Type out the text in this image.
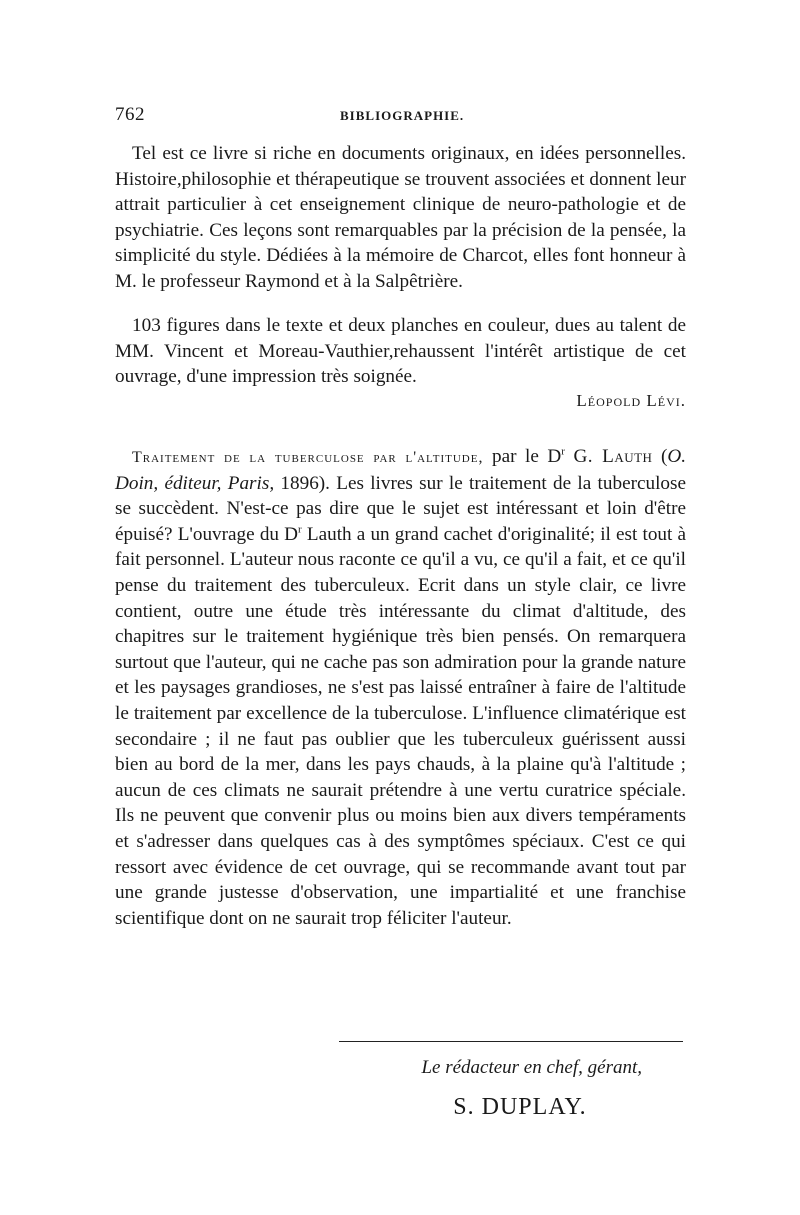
762	BIBLIOGRAPHIE.

Tel est ce livre si riche en documents originaux, en idées personnelles. Histoire,philosophie et thérapeutique se trouvent associées et donnent leur attrait particulier à cet enseignement clinique de neuro-pathologie et de psychiatrie. Ces leçons sont remarquables par la précision de la pensée, la simplicité du style. Dédiées à la mémoire de Charcot, elles font honneur à M. le professeur Raymond et à la Salpêtrière.

103 figures dans le texte et deux planches en couleur, dues au talent de MM. Vincent et Moreau-Vauthier,rehaussent l'intérêt artistique de cet ouvrage, d'une impression très soignée.

Léopold Lévi.

Traitement de la tuberculose par l'altitude, par le $D^r$ G. Lauth (O. Doin, éditeur, Paris, 1896). Les livres sur le traitement de la tuberculose se succèdent. N'est-ce pas dire que le sujet est intéressant et loin d'être épuisé? L'ouvrage du $D^r$ Lauth a un grand cachet d'originalité; il est tout à fait personnel. L'auteur nous raconte ce qu'il a vu, ce qu'il a fait, et ce qu'il pense du traitement des tuberculeux. Ecrit dans un style clair, ce livre contient, outre une étude très intéressante du climat d'altitude, des chapitres sur le traitement hygiénique très bien pensés. On remarquera surtout que l'auteur, qui ne cache pas son admiration pour la grande nature et les paysages grandioses, ne s'est pas laissé entraîner à faire de l'altitude le traitement par excellence de la tuberculose. L'influence climatérique est secondaire ; il ne faut pas oublier que les tuberculeux guérissent aussi bien au bord de la mer, dans les pays chauds, à la plaine qu'à l'altitude ; aucun de ces climats ne saurait prétendre à une vertu curatrice spéciale. Ils ne peuvent que convenir plus ou moins bien aux divers tempéraments et s'adresser dans quelques cas à des symptômes spéciaux. C'est ce qui ressort avec évidence de cet ouvrage, qui se recommande avant tout par une grande justesse d'observation, une impartialité et une franchise scientifique dont on ne saurait trop féliciter l'auteur.

Le rédacteur en chef, gérant,
S. DUPLAY.
